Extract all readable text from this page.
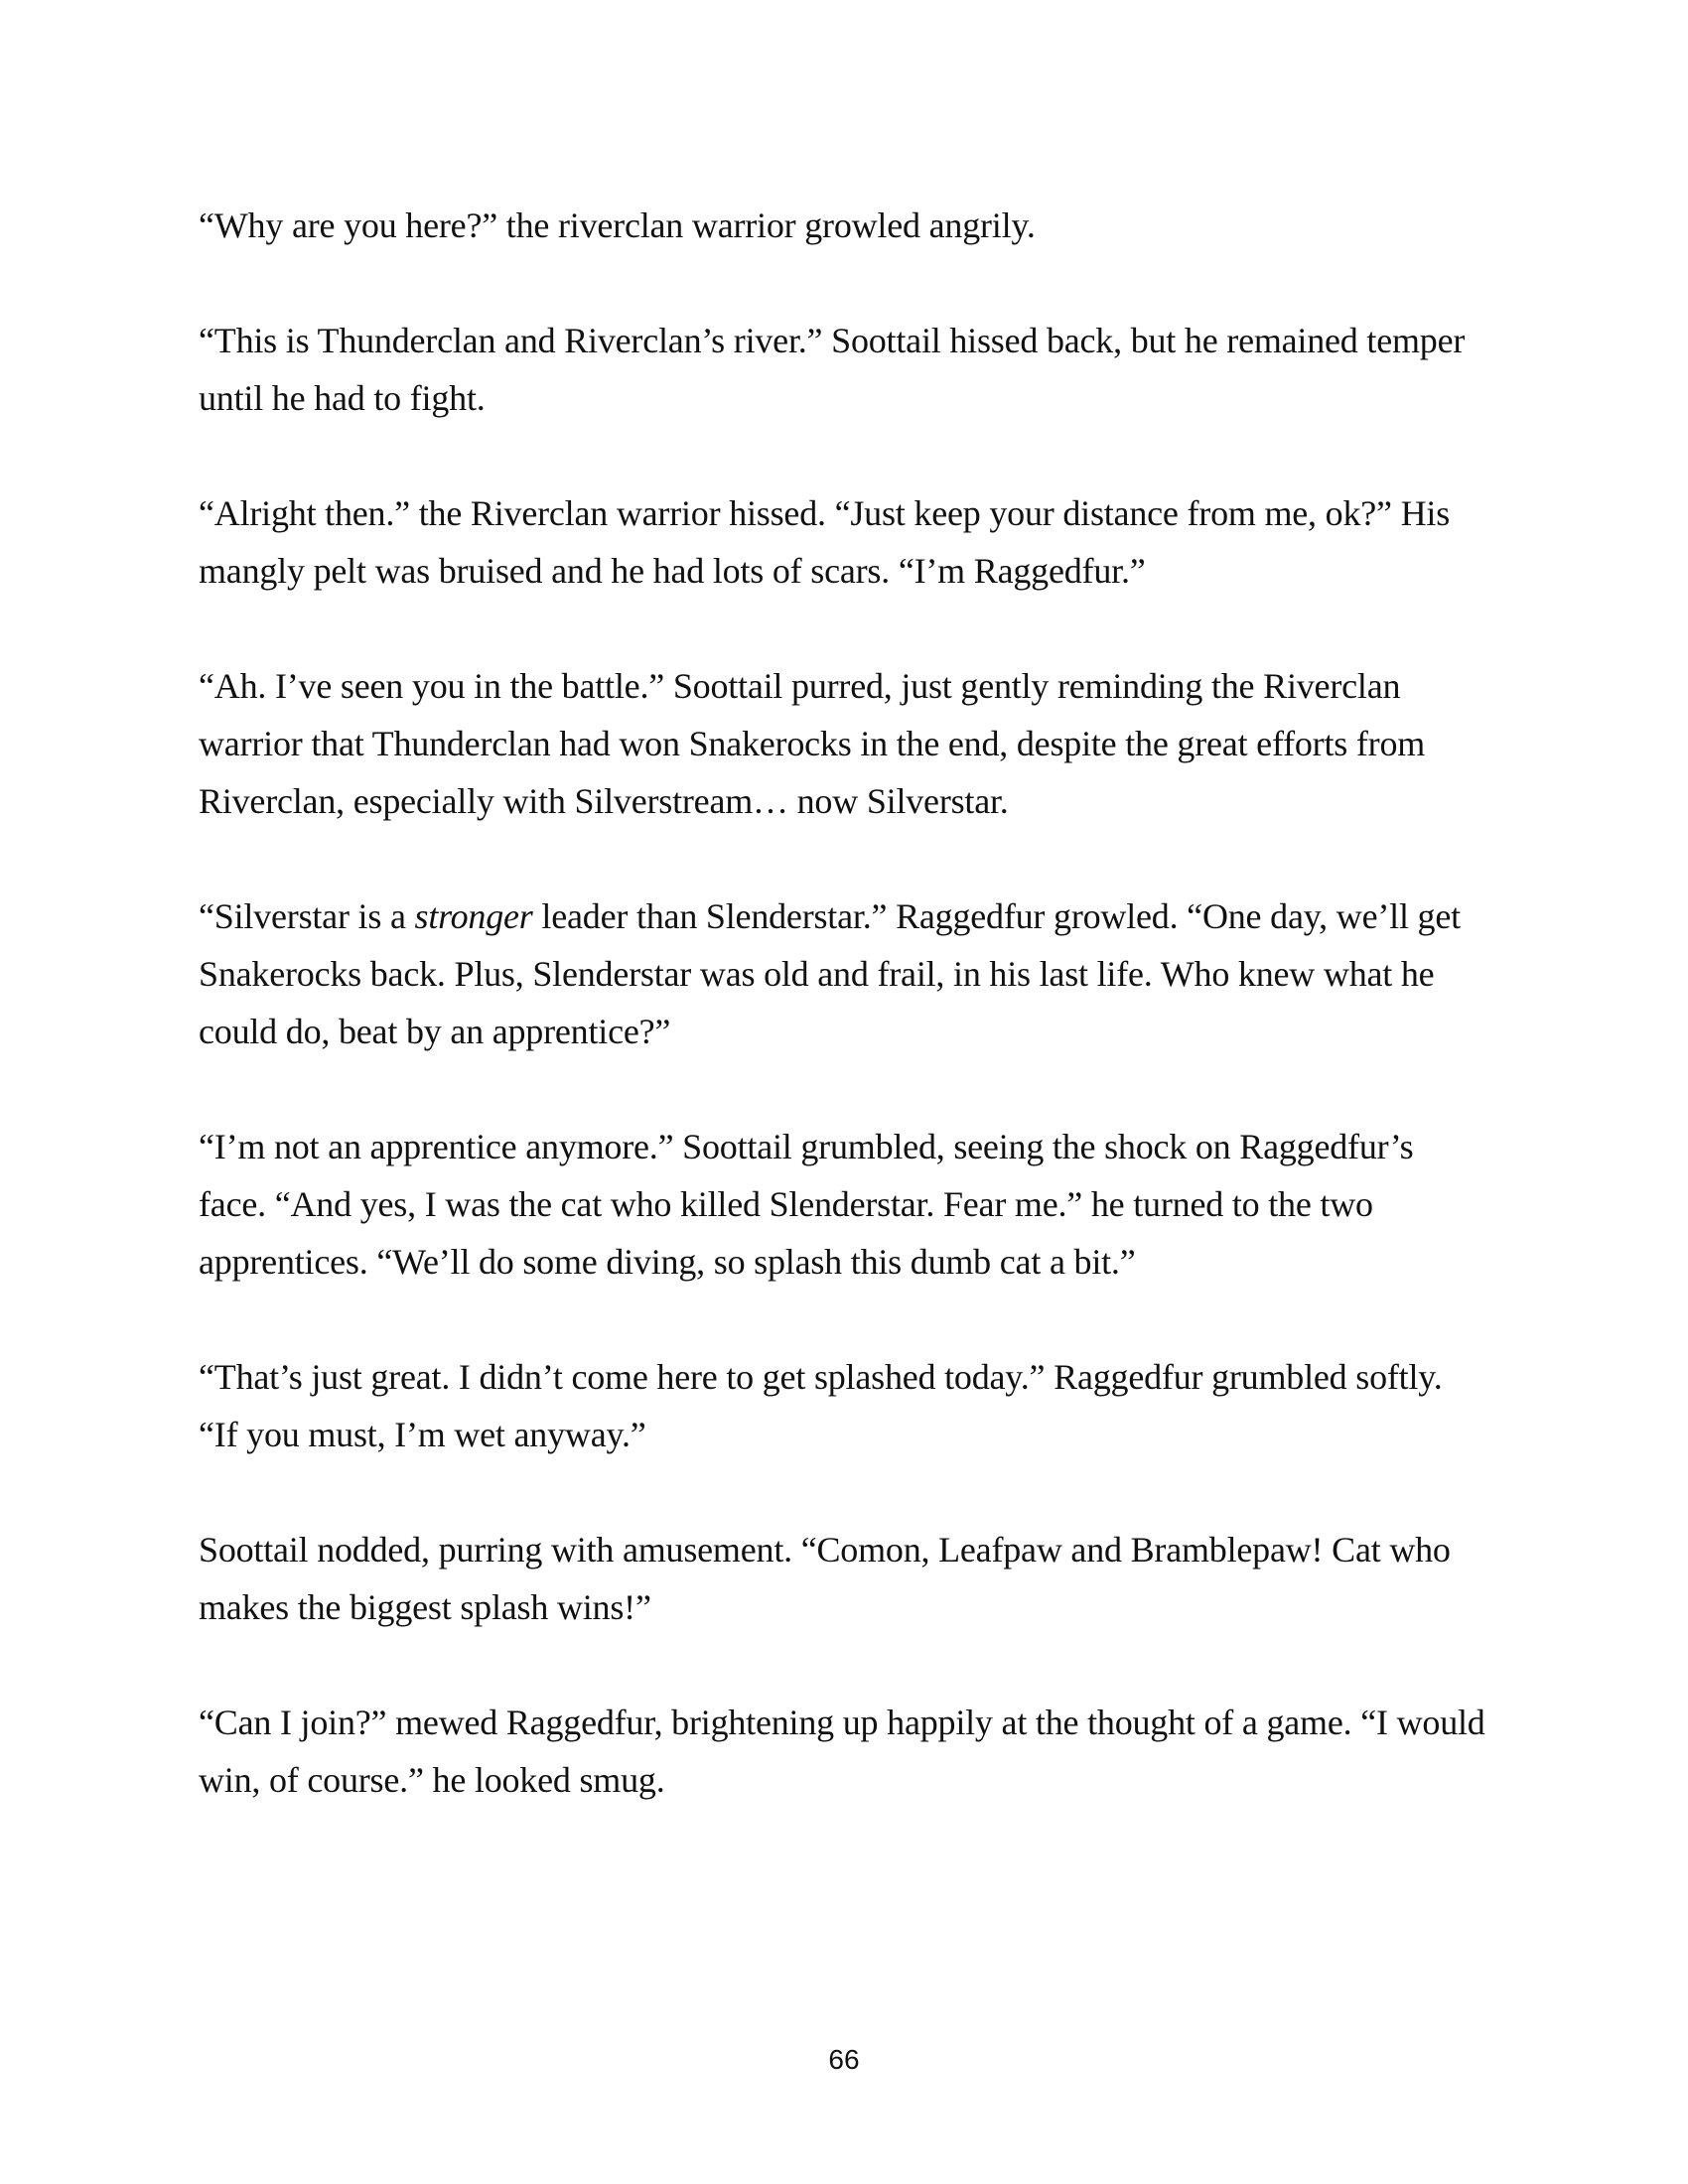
“Why are you here?” the riverclan warrior growled angrily.

“This is Thunderclan and Riverclan’s river.” Soottail hissed back, but he remained temper until he had to fight.

“Alright then.” the Riverclan warrior hissed. “Just keep your distance from me, ok?” His mangly pelt was bruised and he had lots of scars. “I’m Raggedfur.”

“Ah. I’ve seen you in the battle.” Soottail purred, just gently reminding the Riverclan warrior that Thunderclan had won Snakerocks in the end, despite the great efforts from Riverclan, especially with Silverstream… now Silverstar.

“Silverstar is a stronger leader than Slenderstar.” Raggedfur growled. “One day, we’ll get Snakerocks back. Plus, Slenderstar was old and frail, in his last life. Who knew what he could do, beat by an apprentice?”

“I’m not an apprentice anymore.” Soottail grumbled, seeing the shock on Raggedfur’s face. “And yes, I was the cat who killed Slenderstar. Fear me.” he turned to the two apprentices. “We’ll do some diving, so splash this dumb cat a bit.”

“That’s just great. I didn’t come here to get splashed today.” Raggedfur grumbled softly. “If you must, I’m wet anyway.”

Soottail nodded, purring with amusement. “Comon, Leafpaw and Bramblepaw! Cat who makes the biggest splash wins!”

“Can I join?” mewed Raggedfur, brightening up happily at the thought of a game. “I would win, of course.” he looked smug.

66
